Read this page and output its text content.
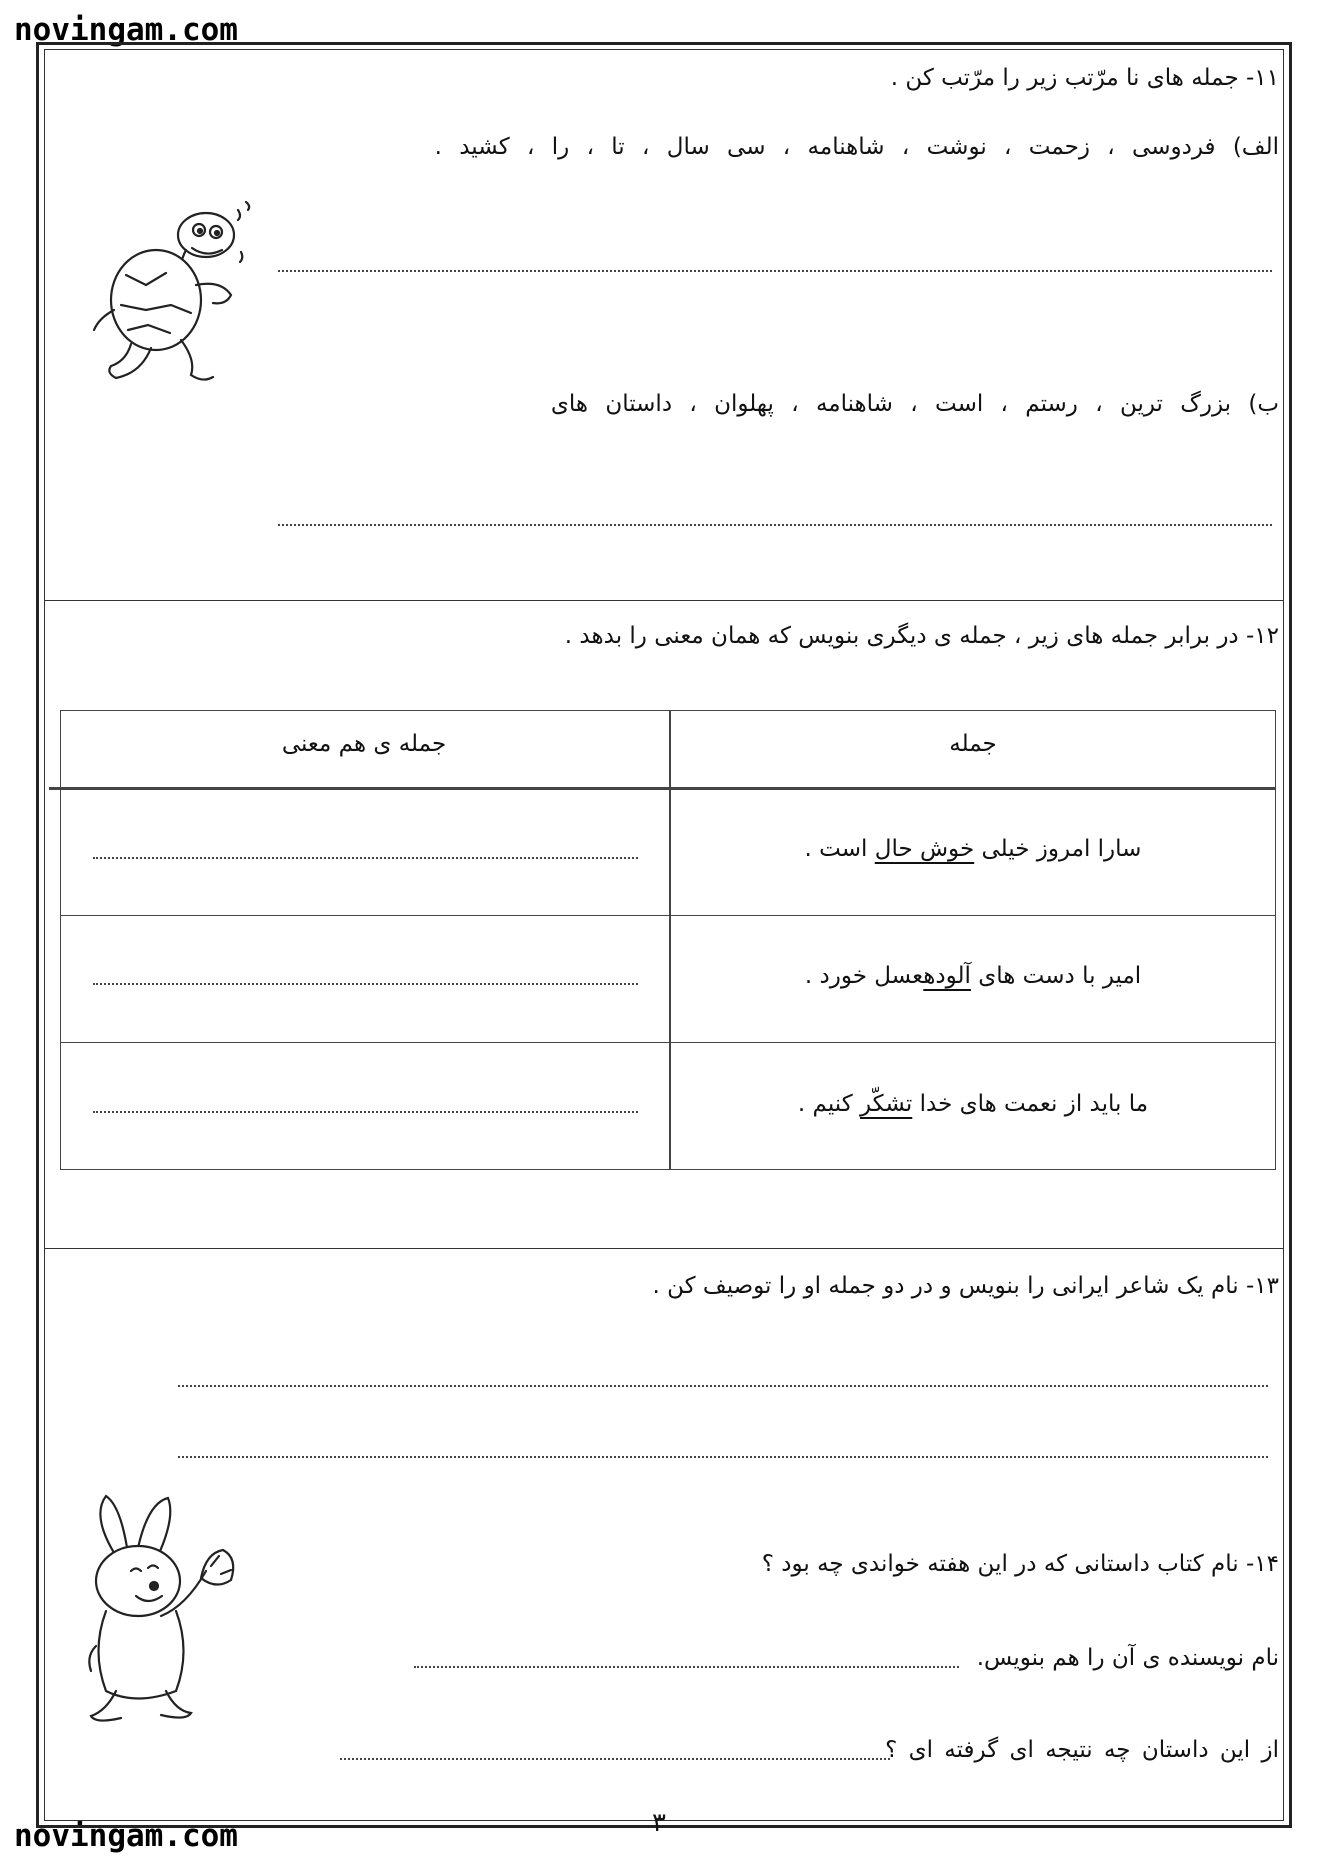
novingam.com
novingam.com
۱۱- جمله های نا مرّتب زیر را مرّتب کن .
الف) فردوسی ، زحمت ، نوشت ، شاهنامه ، سی سال ، تا ، را ، کشید .
ب) بزرگ ترین ، رستم ، است ، شاهنامه ، پهلوان ، داستان های
۱۲- در برابر جمله های زیر ، جمله ی دیگری بنویس که همان معنی را بدهد .
جمله
جمله ی هم معنی
سارا امروز خیلی خوش حال است .
امیر با دست های آلودهعسل خورد .
ما باید از نعمت های خدا تشکّر کنیم .
۱۳- نام یک شاعر ایرانی را بنویس و در دو جمله او را توصیف کن .
۱۴- نام کتاب داستانی که در این هفته خواندی چه بود ؟
نام نویسنده ی آن را هم بنویس.
از این داستان چه نتیجه ای گرفته ای ؟
۳
